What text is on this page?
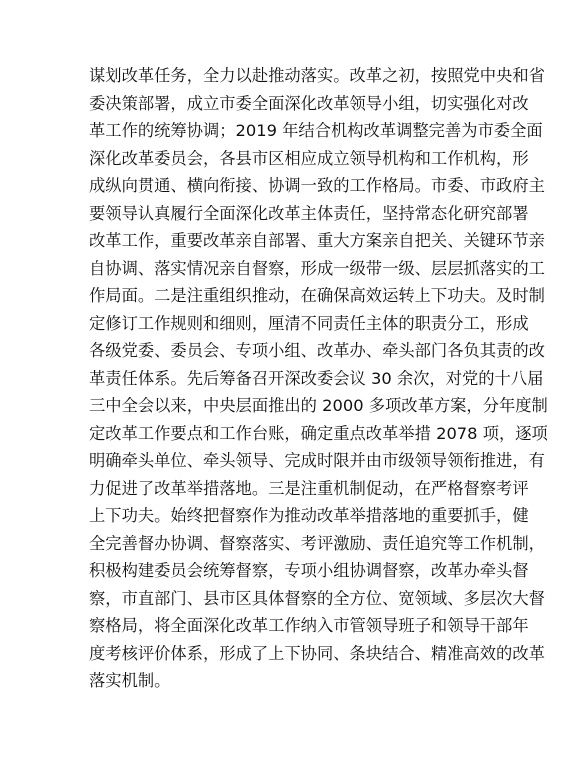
谋划改革任务，全力以赴推动落实。改革之初，按照党中央和省
委决策部署，成立市委全面深化改革领导小组，切实强化对改
革工作的统筹协调；2019 年结合机构改革调整完善为市委全面
深化改革委员会，各县市区相应成立领导机构和工作机构，形
成纵向贯通、横向衔接、协调一致的工作格局。市委、市政府主
要领导认真履行全面深化改革主体责任，坚持常态化研究部署
改革工作，重要改革亲自部署、重大方案亲自把关、关键环节亲
自协调、落实情况亲自督察，形成一级带一级、层层抓落实的工
作局面。二是注重组织推动，在确保高效运转上下功夫。及时制
定修订工作规则和细则，厘清不同责任主体的职责分工，形成
各级党委、委员会、专项小组、改革办、牵头部门各负其责的改
革责任体系。先后筹备召开深改委会议 30 余次，对党的十八届
三中全会以来，中央层面推出的 2000 多项改革方案，分年度制
定改革工作要点和工作台账，确定重点改革举措 2078 项，逐项
明确牵头单位、牵头领导、完成时限并由市级领导领衔推进，有
力促进了改革举措落地。三是注重机制促动，在严格督察考评
上下功夫。始终把督察作为推动改革举措落地的重要抓手，健
全完善督办协调、督察落实、考评激励、责任追究等工作机制，
积极构建委员会统筹督察，专项小组协调督察，改革办牵头督
察，市直部门、县市区具体督察的全方位、宽领域、多层次大督
察格局，将全面深化改革工作纳入市管领导班子和领导干部年
度考核评价体系，形成了上下协同、条块结合、精准高效的改革
落实机制。
